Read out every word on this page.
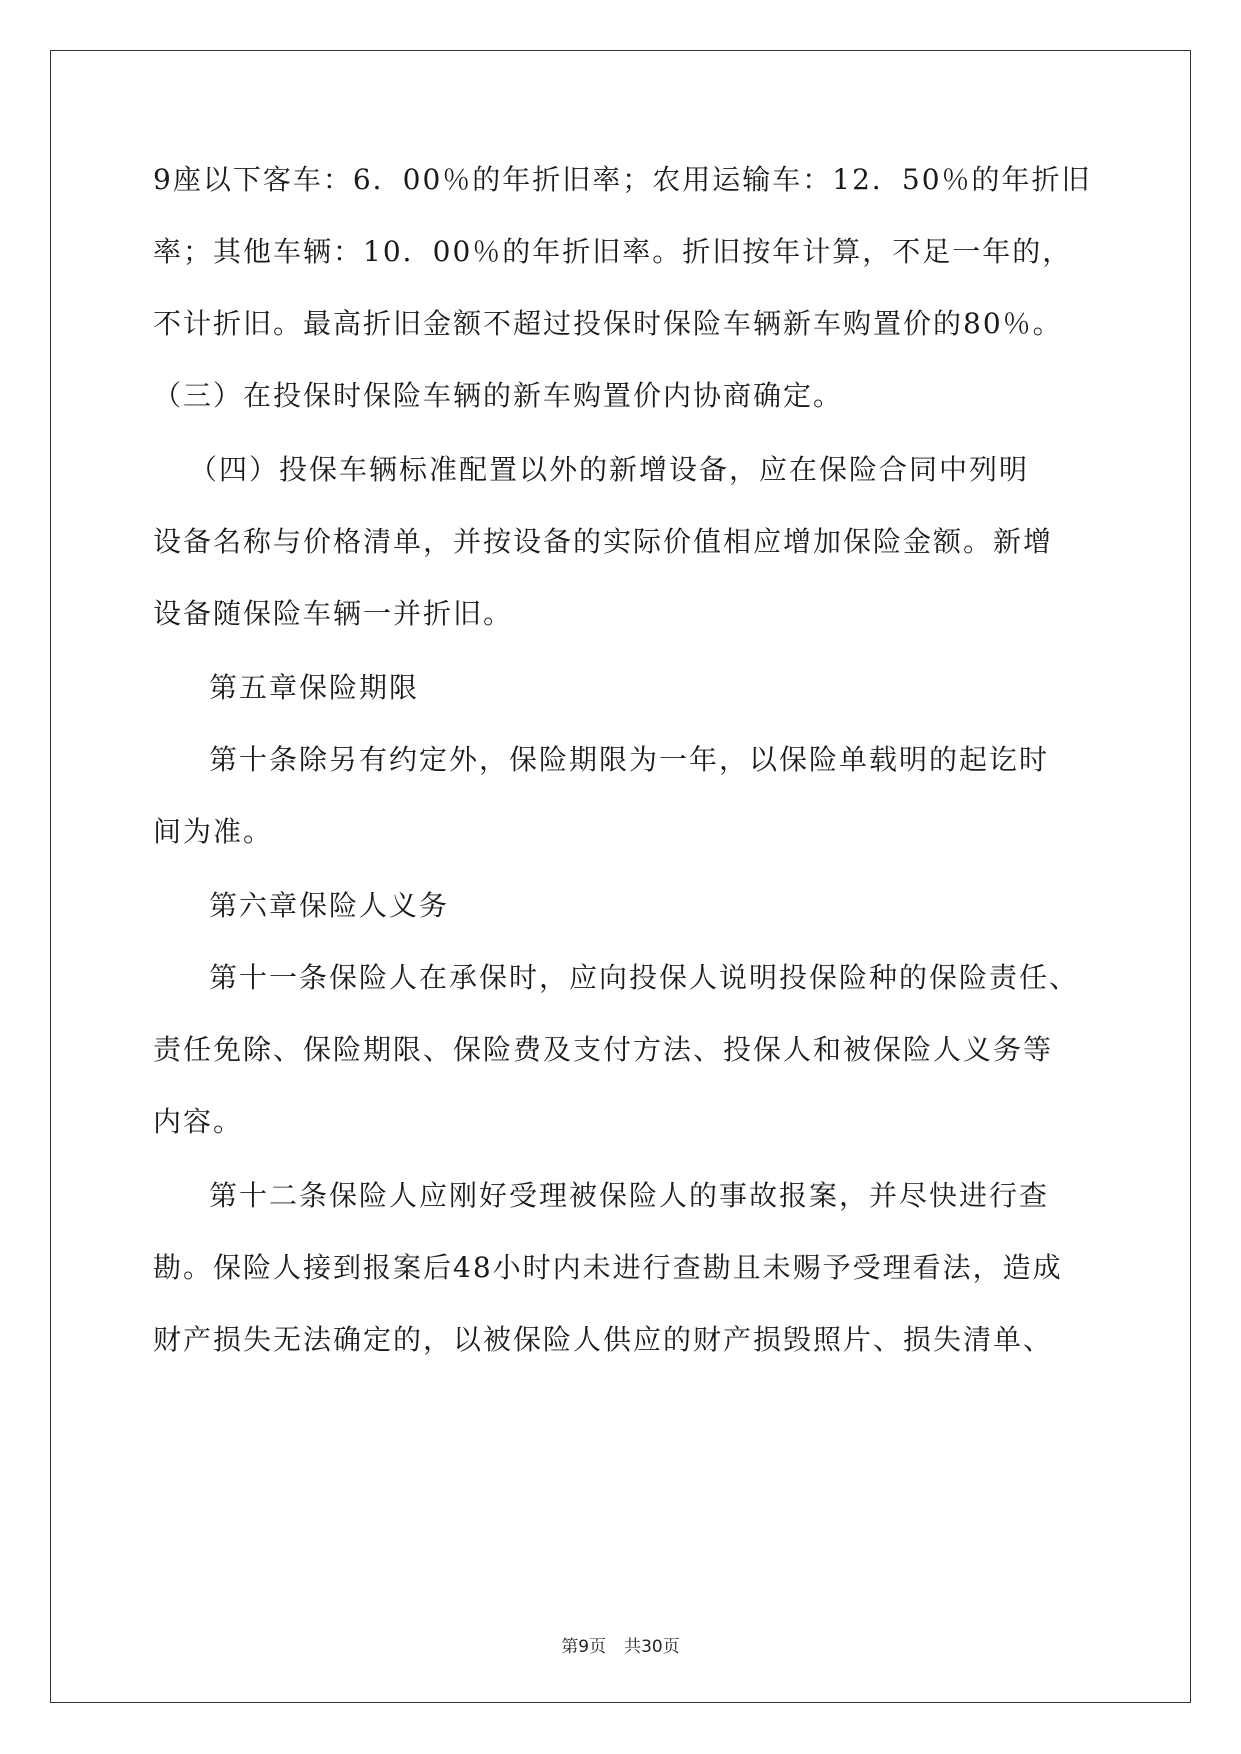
9座以下客车：6．00％的年折旧率；农用运输车：12．50％的年折旧
率；其他车辆：10．00％的年折旧率。折旧按年计算，不足一年的，
不计折旧。最高折旧金额不超过投保时保险车辆新车购置价的80％。
（三）在投保时保险车辆的新车购置价内协商确定。
（四）投保车辆标准配置以外的新增设备，应在保险合同中列明
设备名称与价格清单，并按设备的实际价值相应增加保险金额。新增
设备随保险车辆一并折旧。
第五章保险期限
第十条除另有约定外，保险期限为一年，以保险单载明的起讫时
间为准。
第六章保险人义务
第十一条保险人在承保时，应向投保人说明投保险种的保险责任、
责任免除、保险期限、保险费及支付方法、投保人和被保险人义务等
内容。
第十二条保险人应刚好受理被保险人的事故报案，并尽快进行查
勘。保险人接到报案后48小时内未进行查勘且未赐予受理看法，造成
财产损失无法确定的，以被保险人供应的财产损毁照片、损失清单、
第9页 共30页
